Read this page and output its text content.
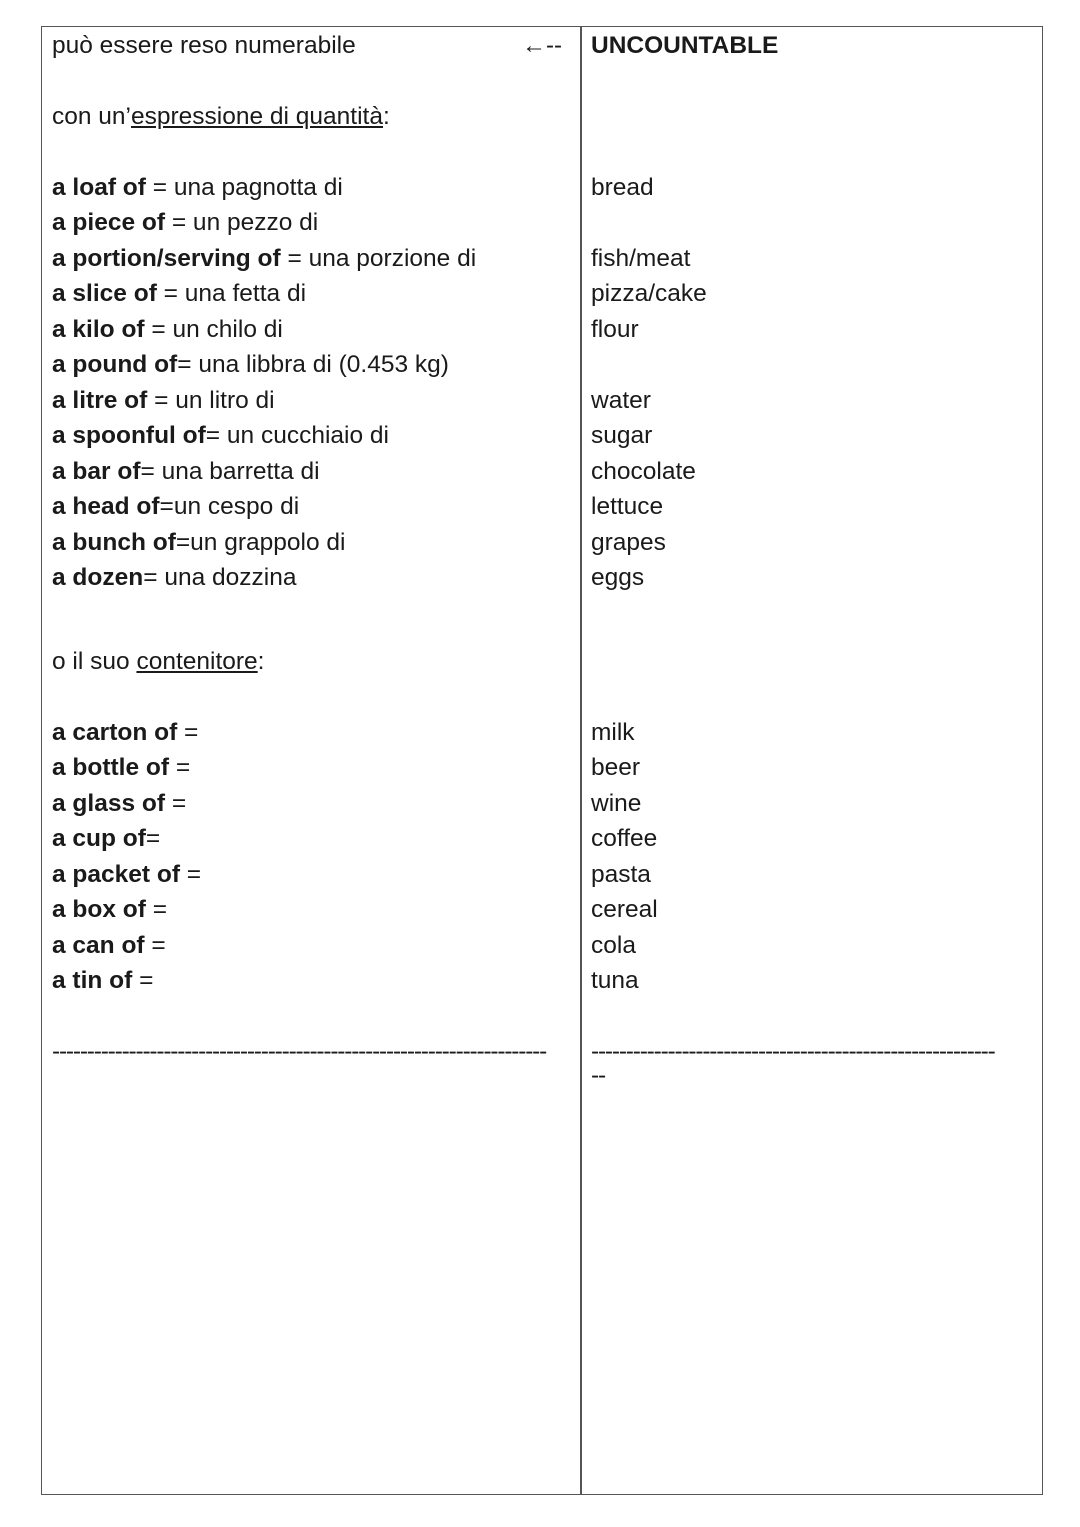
può essere reso numerabile	←-- UNCOUNTABLE
con un’espressione di quantità:
a loaf of = una pagnotta di	bread
a piece of = un pezzo di
a portion/serving of = una porzione di	fish/meat
a slice of = una fetta di	pizza/cake
a kilo of = un chilo di	flour
a pound of= una libbra di (0.453 kg)
a litre of = un litro di	water
a spoonful of= un cucchiaio di	sugar
a bar of= una barretta di	chocolate
a head of=un cespo di	lettuce
a bunch of=un grappolo di	grapes
a dozen= una dozzina	eggs
o il suo contenitore:
a carton of =	milk
a bottle of =	beer
a glass of =	wine
a cup of=	coffee
a packet of =	pasta
a box of =	cereal
a can of =	cola
a tin of =	tuna
----------------------------------------------------------------------- ------------------------------------------------------------
